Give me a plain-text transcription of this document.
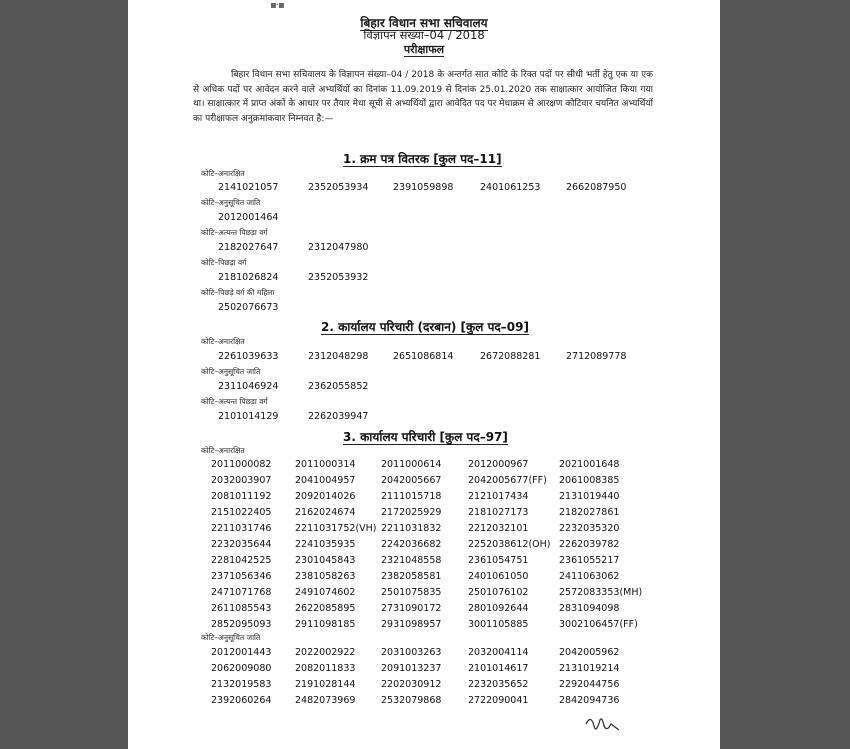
▪·▪
बिहार विधान सभा सचिवालय
विज्ञापन संख्या–04 / 2018
परीक्षाफल
बिहार विधान सभा सचिवालय के विज्ञापन संख्या–04 / 2018 के अन्तर्गत सात कोटि के रिक्त पदों पर सीधी भर्ती हेतु एक या एक से अधिक पदों पर आवेदन करने वाले अभ्यर्थियों का दिनांक 11.09.2019 से दिनांक 25.01.2020 तक साक्षात्कार आयोजित किया गया था। साक्षात्कार में प्राप्त अंकों के आधार पर तैयार मेधा सूची से अभ्यर्थियों द्वारा आवेदित पद पर मेधाक्रम से आरक्षण कोटिवार चयनित अभ्यर्थियों का परीक्षाफल अनुक्रमांकवार निम्नवत है:—
1. क्रम पत्र वितरक [कुल पद–11]
2. कार्यालय परिचारी (दरबान) [कुल पद–09]
3. कार्यालय परिचारी [कुल पद–97]
कोटि–अनारक्षित
कोटि–अनुसूचित जाति
कोटि–अत्यन्त पिछड़ा वर्ग
कोटि–पिछड़ा वर्ग
कोटि–पिछड़े वर्ग की महिला
कोटि–अनारक्षित
कोटि–अनुसूचित जाति
कोटि–अत्यन्त पिछड़ा वर्ग
कोटि–अनारक्षित
कोटि–अनुसूचित जाति
2141021057	2352053934	2391059898	2401061253	2662087950
2012001464
2182027647	2312047980
2181026824	2352053932
2502076673
2261039633	2312048298	2651086814	2672088281	2712089778
2311046924	2362055852
2101014129	2262039947
2011000082 2011000314	2011000614	2012000967	2021001648
2032003907 2041004957	2042005667	2042005677(FF) 2061008385
2081011192 2092014026	2111015718	2121017434	2131019440
2151022405 2162024674	2172025929	2181027173	2182027861
2211031746 2211031752(VH) 2211031832	2212032101	2232035320
2232035644 2241035935	2242036682	2252038612(OH) 2262039782
2281042525 2301045843	2321048558	2361054751	2361055217
2371056346 2381058263	2382058581	2401061050	2411063062
2471071768 2491074602	2501075835	2501076102	2572083353(MH)
2611085543 2622085895	2731090172	2801092644	2831094098
2852095093 2911098185	2931098957	3001105885	3002106457(FF)
2012001443 2022002922	2031003263	2032004114	2042005962
2062009080 2082011833	2091013237	2101014617	2131019214
2132019583 2191028144	2202030912	2232035652	2292044756
2392060264 2482073969	2532079868	2722090041	2842094736
